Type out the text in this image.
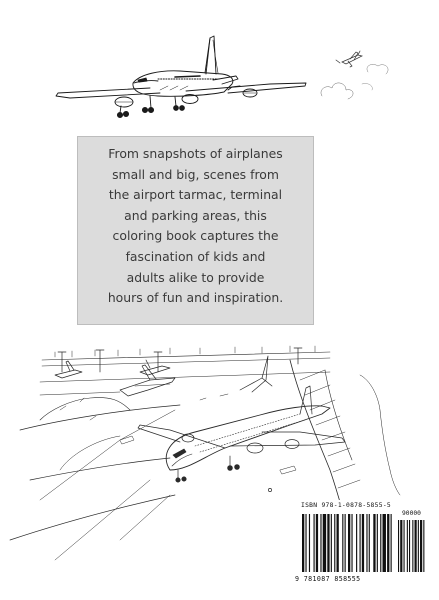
From snapshots of airplanes
small and big, scenes from
the airport tarmac, terminal
and parking areas, this
coloring book captures the
fascination of kids and
adults alike to provide
hours of fun and inspiration.
ISBN 978-1-0878-5855-5
90000
9 781087 858555
